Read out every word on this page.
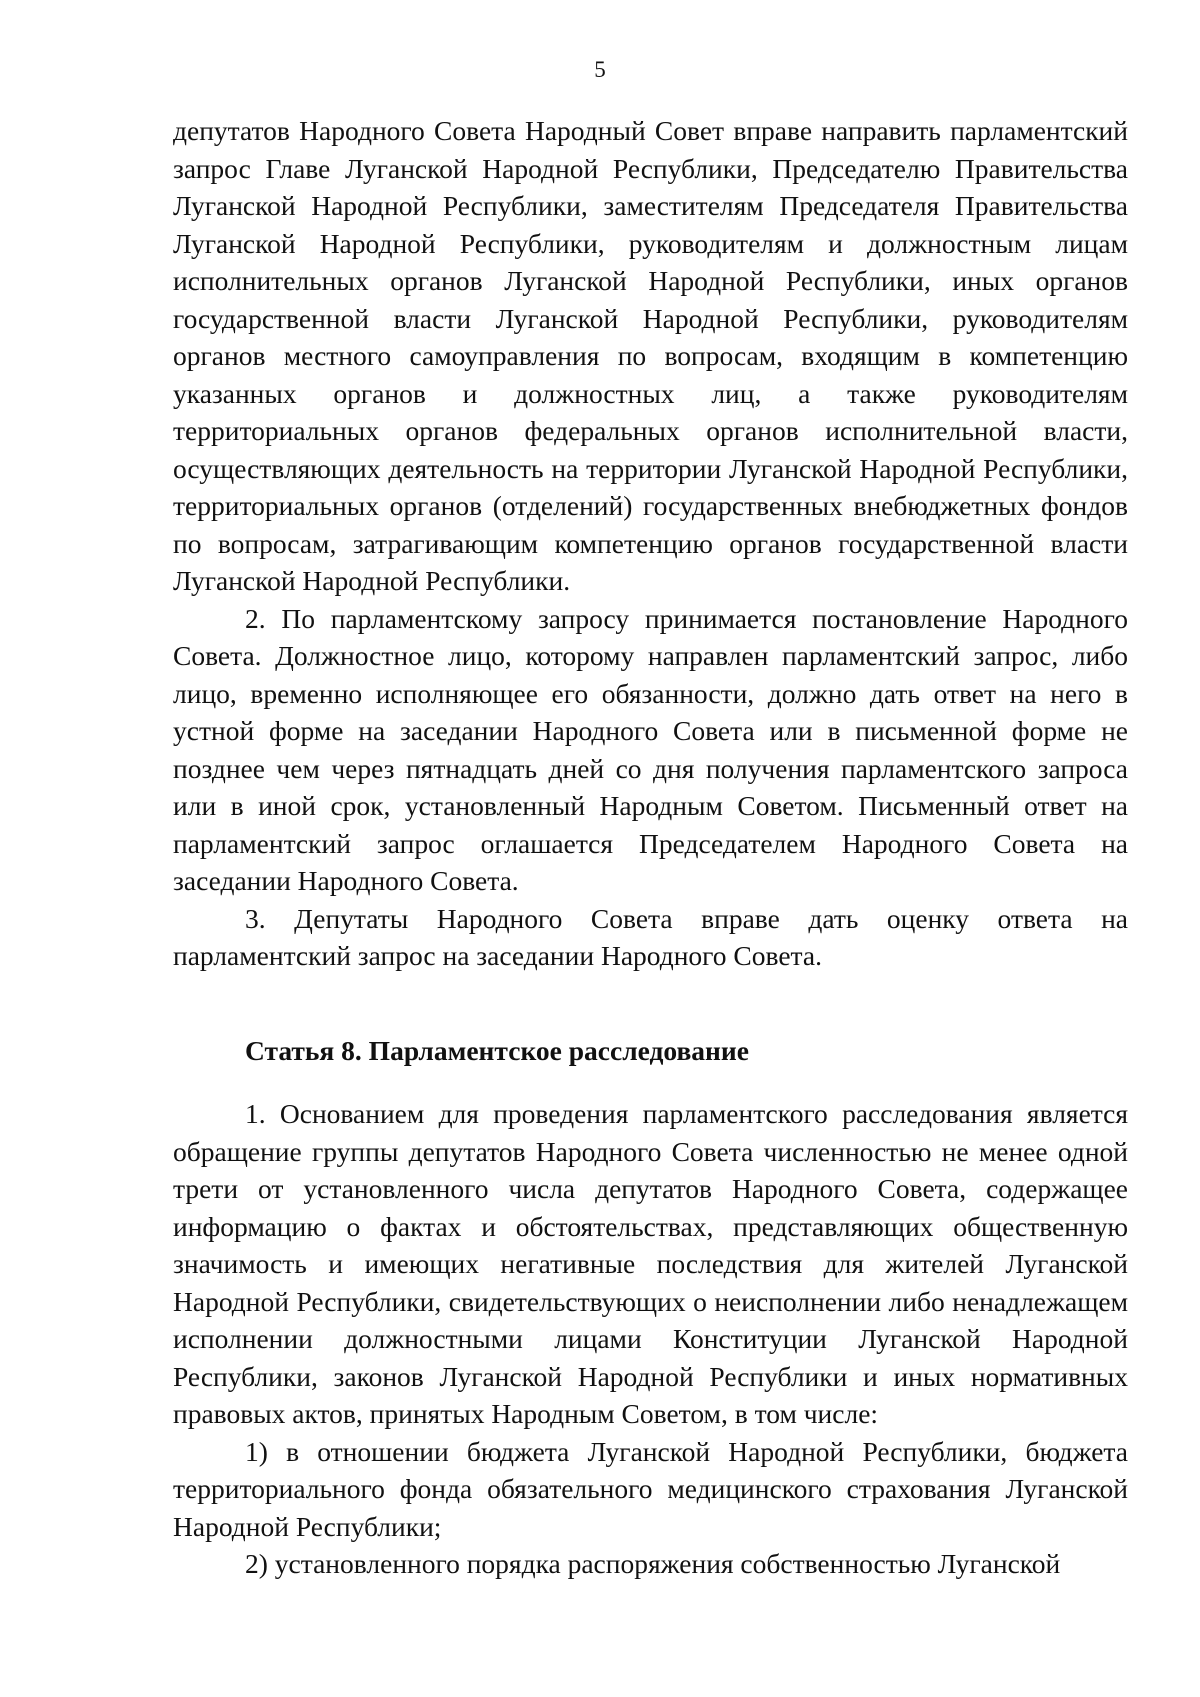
5

депутатов Народного Совета Народный Совет вправе направить парламентский запрос Главе Луганской Народной Республики, Председателю Правительства Луганской Народной Республики, заместителям Председателя Правительства Луганской Народной Республики, руководителям и должностным лицам исполнительных органов Луганской Народной Республики, иных органов государственной власти Луганской Народной Республики, руководителям органов местного самоуправления по вопросам, входящим в компетенцию указанных органов и должностных лиц, а также руководителям территориальных органов федеральных органов исполнительной власти, осуществляющих деятельность на территории Луганской Народной Республики, территориальных органов (отделений) государственных внебюджетных фондов по вопросам, затрагивающим компетенцию органов государственной власти Луганской Народной Республики.

2. По парламентскому запросу принимается постановление Народного Совета. Должностное лицо, которому направлен парламентский запрос, либо лицо, временно исполняющее его обязанности, должно дать ответ на него в устной форме на заседании Народного Совета или в письменной форме не позднее чем через пятнадцать дней со дня получения парламентского запроса или в иной срок, установленный Народным Советом. Письменный ответ на парламентский запрос оглашается Председателем Народного Совета на заседании Народного Совета.

3. Депутаты Народного Совета вправе дать оценку ответа на парламентский запрос на заседании Народного Совета.

Статья 8. Парламентское расследование

1. Основанием для проведения парламентского расследования является обращение группы депутатов Народного Совета численностью не менее одной трети от установленного числа депутатов Народного Совета, содержащее информацию о фактах и обстоятельствах, представляющих общественную значимость и имеющих негативные последствия для жителей Луганской Народной Республики, свидетельствующих о неисполнении либо ненадлежащем исполнении должностными лицами Конституции Луганской Народной Республики, законов Луганской Народной Республики и иных нормативных правовых актов, принятых Народным Советом, в том числе:

1) в отношении бюджета Луганской Народной Республики, бюджета территориального фонда обязательного медицинского страхования Луганской Народной Республики;

2) установленного порядка распоряжения собственностью Луганской
